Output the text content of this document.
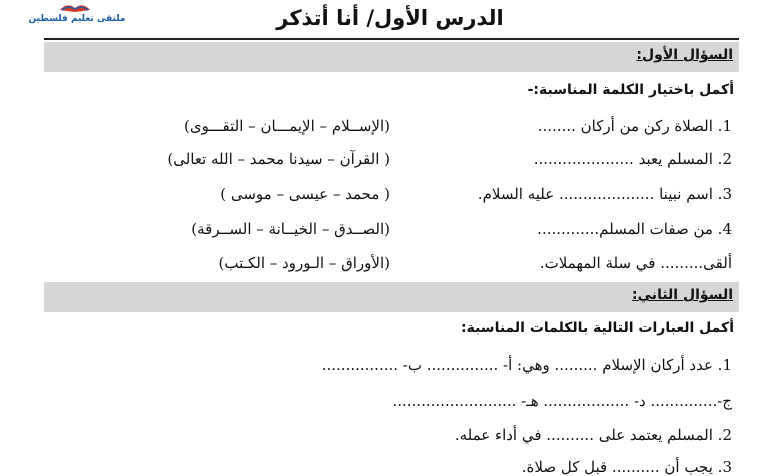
ملتقى تعليم فلسطين	الدرس الأول/ أنا أتذكر
السؤال الأول:
أكمل باختيار الكلمة المناسبة:-
1. الصلاة ركن من أركان ........
(الإســلام – الإيمـــان – التقـــوى)
2. المسلم يعبد .....................
( القرآن – سيدنا محمد – الله تعالى)
3. اسم نبينا .................... عليه السلام.
( محمد – عيسى – موسى )
4. من صفات المسلم.............
(الصــدق – الخيــانة – الســرقة)
ألقى......... في سلة المهملات.
(الأوراق – الـورود – الكـتب)
السؤال الثاني:
أكمل العبارات التالية بالكلمات المناسبة:
1. عدد أركان الإسلام ......... وهي: أ- ............... ب- ................
ج-.............. د- .................. هـ- ..........................
2. المسلم يعتمد على .......... في أداء عمله.
3. يجب أن .......... قبل كل صلاة.
